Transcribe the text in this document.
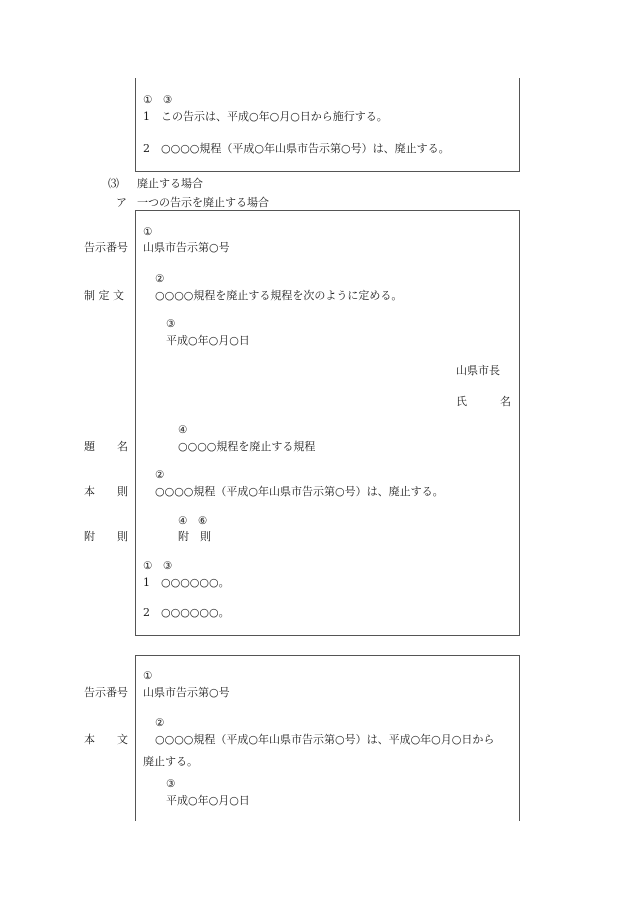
①　③
1　この告示は、平成○年○月○日から施行する。
2　○○○○規程（平成○年山県市告示第○号）は、廃止する。
⑶ 廃止する場合
ア 一つの告示を廃止する場合
告示番号
制 定 文
題　　名
本　　則
附　　則
①
山県市告示第○号
②
○○○○規程を廃止する規程を次のように定める。
③
平成○年○月○日
山県市長
氏　　　名
④
○○○○規程を廃止する規程
②
○○○○規程（平成○年山県市告示第○号）は、廃止する。
④　⑥
附　則
①　③
1　○○○○○○。
2　○○○○○○。
告示番号
本　　文
①
山県市告示第○号
②
○○○○規程（平成○年山県市告示第○号）は、平成○年○月○日から
廃止する。
③
平成○年○月○日
